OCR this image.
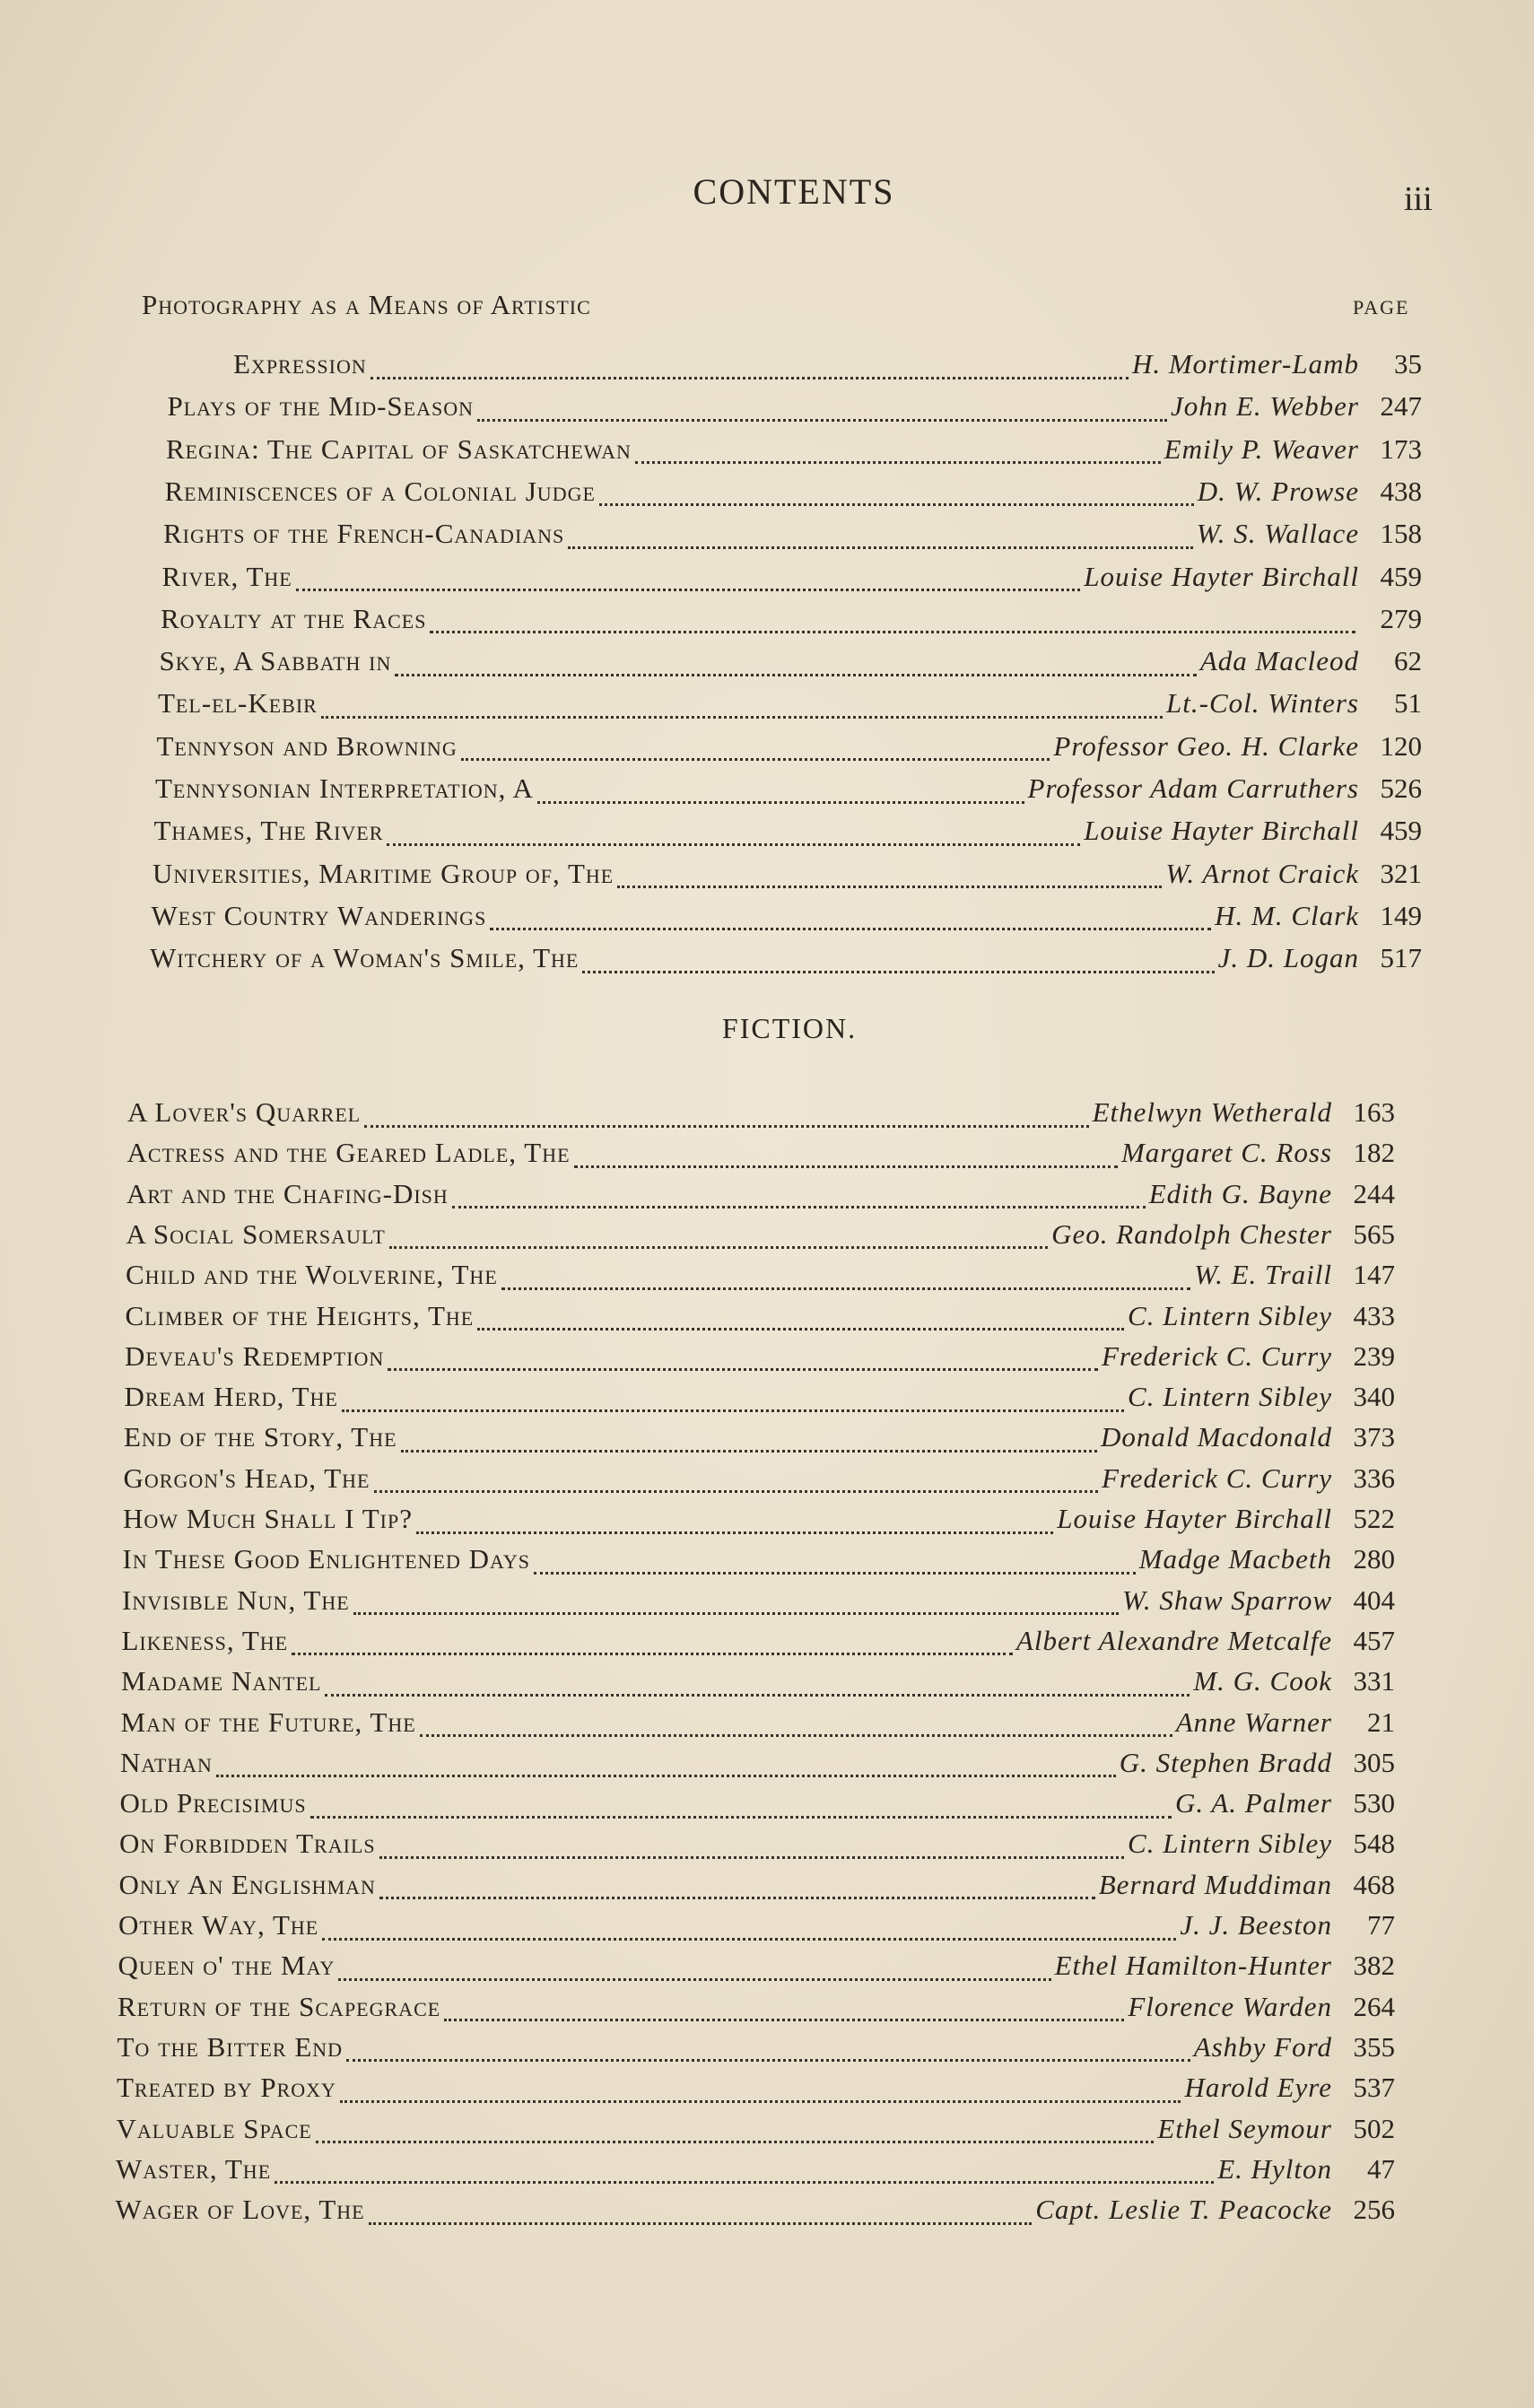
CONTENTS	iii
PAGE
Photography as a Means of Artistic
Expression	H. Mortimer-Lamb	35
Plays of the Mid-Season	John E. Webber 247
Regina: The Capital of Saskatchewan	Emily P. Weaver 173
Reminiscences of a Colonial Judge	D. W. Prowse 438
Rights of the French-Canadians	W. S. Wallace 158
River, The	Louise Hayter Birchall 459
Royalty at the Races	279
Skye, A Sabbath in	Ada Macleod	62
Tel-el-Kebir	Lt.-Col. Winters	51
Tennyson and Browning	Professor Geo. H. Clarke 120
Tennysonian Interpretation, A	Professor Adam Carruthers 526
Thames, The River	Louise Hayter Birchall 459
Universities, Maritime Group of, The	W. Arnot Craick 321
West Country Wanderings	H. M. Clark 149
Witchery of a Woman's Smile, The	J. D. Logan 517
FICTION.
A Lover's Quarrel	Ethelwyn Wetherald 163
Actress and the Geared Ladle, The	Margaret C. Ross 182
Art and the Chafing-Dish	Edith G. Bayne 244
A Social Somersault	Geo. Randolph Chester 565
Child and the Wolverine, The	W. E. Traill 147
Climber of the Heights, The	C. Lintern Sibley 433
Deveau's Redemption	Frederick C. Curry 239
Dream Herd, The	C. Lintern Sibley 340
End of the Story, The	Donald Macdonald 373
Gorgon's Head, The	Frederick C. Curry 336
How Much Shall I Tip?	Louise Hayter Birchall 522
In These Good Enlightened Days	Madge Macbeth 280
Invisible Nun, The	W. Shaw Sparrow 404
Likeness, The	Albert Alexandre Metcalfe 457
Madame Nantel	M. G. Cook 331
Man of the Future, The	Anne Warner	21
Nathan	G. Stephen Bradd 305
Old Precisimus	G. A. Palmer 530
On Forbidden Trails	C. Lintern Sibley 548
Only An Englishman	Bernard Muddiman 468
Other Way, The	J. J. Beeston	77
Queen o' the May	Ethel Hamilton-Hunter 382
Return of the Scapegrace	Florence Warden 264
To the Bitter End	Ashby Ford 355
Treated by Proxy	Harold Eyre 537
Valuable Space	Ethel Seymour 502
Waster, The	E. Hylton	47
Wager of Love, The	Capt. Leslie T. Peacocke 256
